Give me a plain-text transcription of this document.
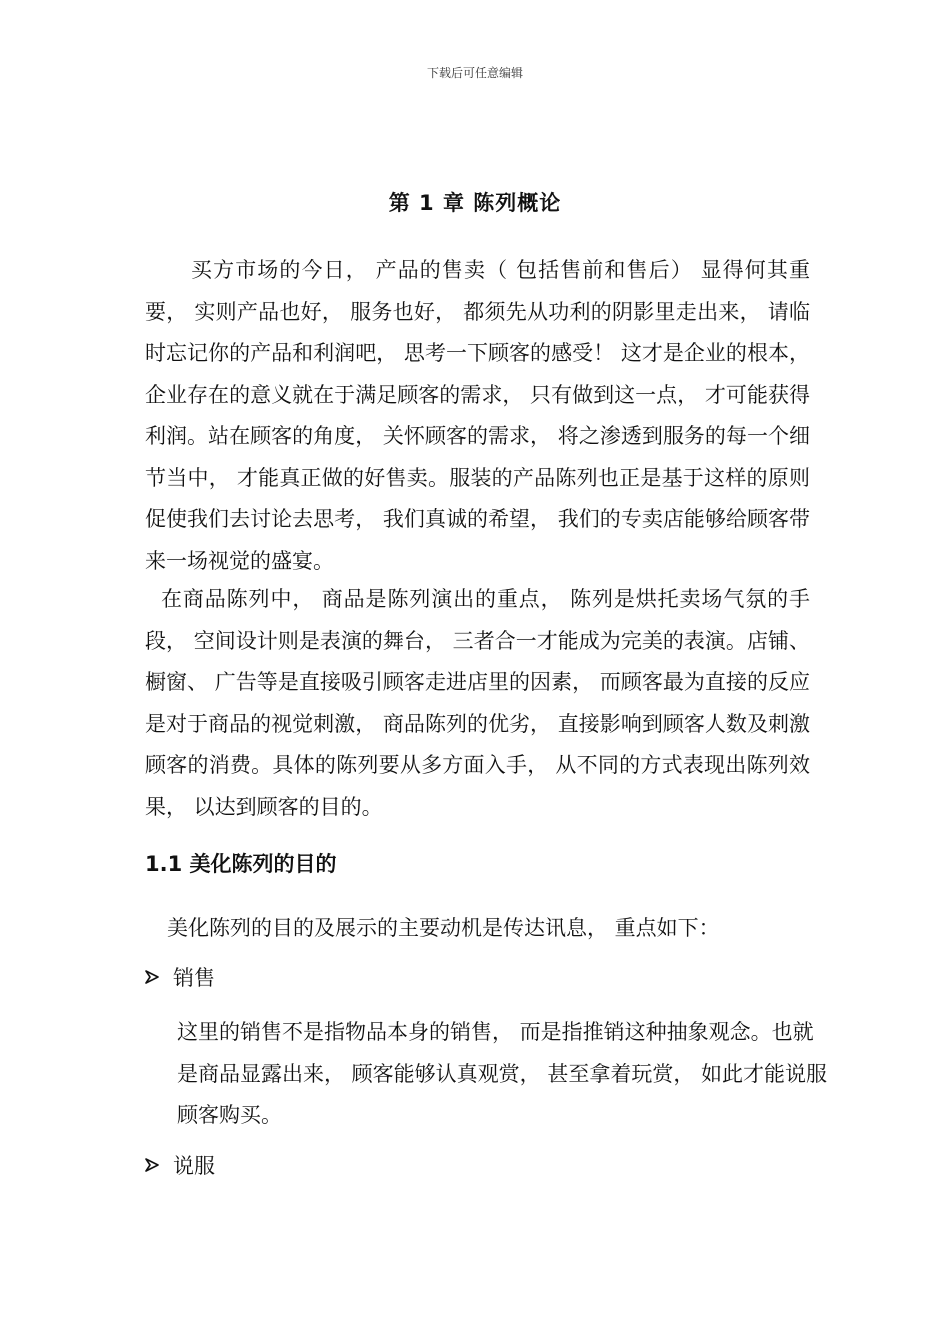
下载后可任意编辑
第 1 章 陈列概论

买方市场的今日， 产品的售卖（ 包括售前和售后） 显得何其重要， 实则产品也好， 服务也好， 都须先从功利的阴影里走出来， 请临时忘记你的产品和利润吧， 思考一下顾客的感受！ 这才是企业的根本， 企业存在的意义就在于满足顾客的需求， 只有做到这一点， 才可能获得利润。站在顾客的角度， 关怀顾客的需求， 将之渗透到服务的每一个细节当中， 才能真正做的好售卖。服装的产品陈列也正是基于这样的原则促使我们去讨论去思考， 我们真诚的希望， 我们的专卖店能够给顾客带来一场视觉的盛宴。

在商品陈列中， 商品是陈列演出的重点， 陈列是烘托卖场气氛的手段， 空间设计则是表演的舞台， 三者合一才能成为完美的表演。店铺、 橱窗、 广告等是直接吸引顾客走进店里的因素， 而顾客最为直接的反应是对于商品的视觉刺激， 商品陈列的优劣， 直接影响到顾客人数及刺激顾客的消费。具体的陈列要从多方面入手， 从不同的方式表现出陈列效果， 以达到顾客的目的。

1.1 美化陈列的目的

美化陈列的目的及展示的主要动机是传达讯息， 重点如下：

销售

这里的销售不是指物品本身的销售， 而是指推销这种抽象观念。也就是商品显露出来， 顾客能够认真观赏， 甚至拿着玩赏， 如此才能说服顾客购买。

说服
